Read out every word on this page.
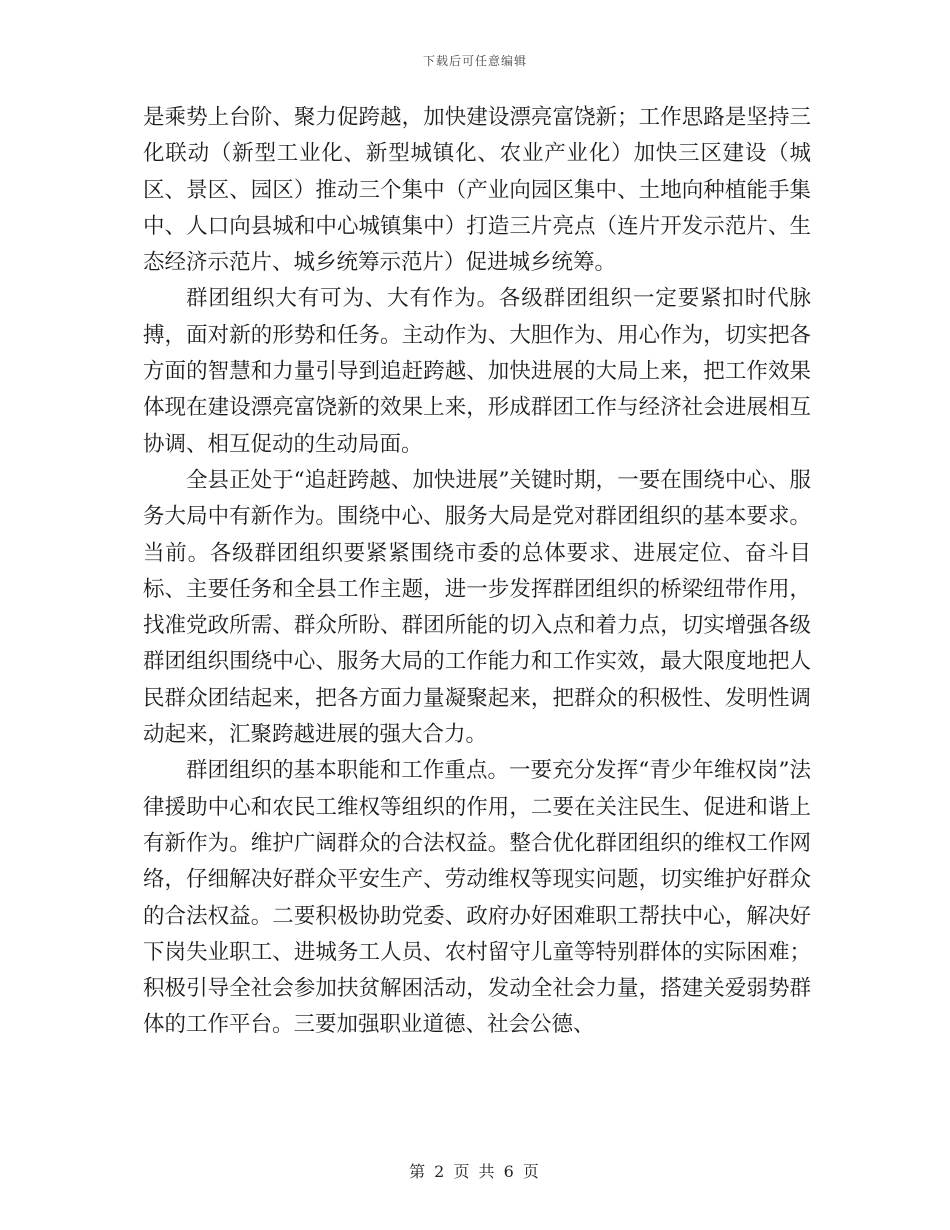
下载后可任意编辑

是乘势上台阶、聚力促跨越，加快建设漂亮富饶新；工作思路是坚持三化联动（新型工业化、新型城镇化、农业产业化）加快三区建设（城区、景区、园区）推动三个集中（产业向园区集中、土地向种植能手集中、人口向县城和中心城镇集中）打造三片亮点（连片开发示范片、生态经济示范片、城乡统筹示范片）促进城乡统筹。

群团组织大有可为、大有作为。各级群团组织一定要紧扣时代脉搏，面对新的形势和任务。主动作为、大胆作为、用心作为，切实把各方面的智慧和力量引导到追赶跨越、加快进展的大局上来，把工作效果体现在建设漂亮富饶新的效果上来，形成群团工作与经济社会进展相互协调、相互促动的生动局面。

全县正处于“追赶跨越、加快进展”关键时期，一要在围绕中心、服务大局中有新作为。围绕中心、服务大局是党对群团组织的基本要求。当前。各级群团组织要紧紧围绕市委的总体要求、进展定位、奋斗目标、主要任务和全县工作主题，进一步发挥群团组织的桥梁纽带作用，找准党政所需、群众所盼、群团所能的切入点和着力点，切实增强各级群团组织围绕中心、服务大局的工作能力和工作实效，最大限度地把人民群众团结起来，把各方面力量凝聚起来，把群众的积极性、发明性调动起来，汇聚跨越进展的强大合力。

群团组织的基本职能和工作重点。一要充分发挥“青少年维权岗”法律援助中心和农民工维权等组织的作用，二要在关注民生、促进和谐上有新作为。维护广阔群众的合法权益。整合优化群团组织的维权工作网络，仔细解决好群众平安生产、劳动维权等现实问题，切实维护好群众的合法权益。二要积极协助党委、政府办好困难职工帮扶中心，解决好下岗失业职工、进城务工人员、农村留守儿童等特别群体的实际困难；积极引导全社会参加扶贫解困活动，发动全社会力量，搭建关爱弱势群体的工作平台。三要加强职业道德、社会公德、

第 2 页 共 6 页
